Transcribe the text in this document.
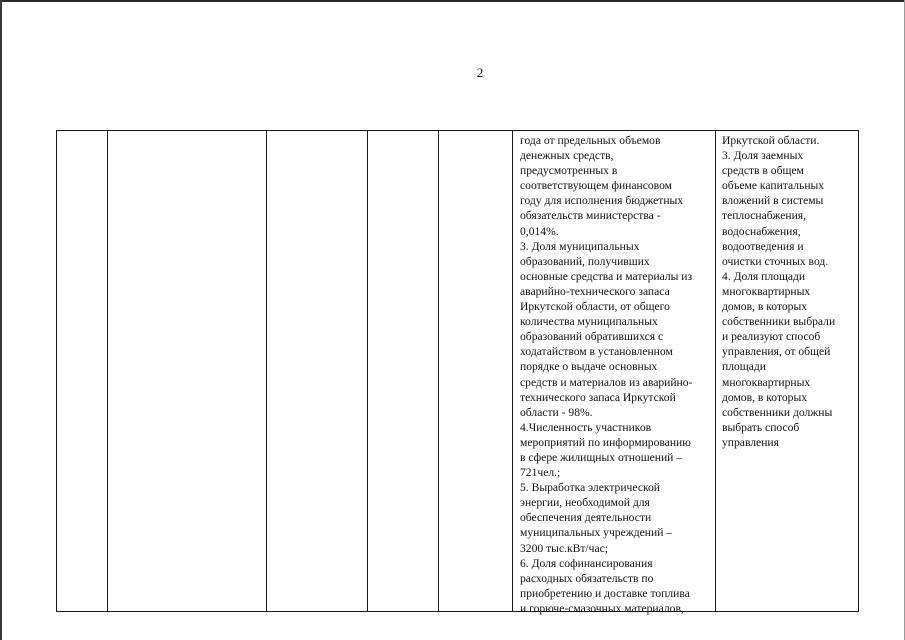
2
года от предельных объемов
денежных средств,
предусмотренных в
соответствующем финансовом
году для исполнения бюджетных
обязательств министерства -
0,014%.
3. Доля муниципальных
образований, получивших
основные средства и материалы из
аварийно-технического запаса
Иркутской области, от общего
количества муниципальных
образований обратившихся с
ходатайством в установленном
порядке о выдаче основных
средств и материалов из аварийно-
технического запаса Иркутской
области - 98%.
4.Численность участников
мероприятий по информированию
в сфере жилищных отношений –
721чел.;
5. Выработка электрической
энергии, необходимой для
обеспечения деятельности
муниципальных учреждений –
3200 тыс.кВт/час;
6. Доля софинансирования
расходных обязательств по
приобретению и доставке топлива
и горюче-смазочных материалов,
Иркутской области.
3. Доля заемных
средств в общем
объеме капитальных
вложений в системы
теплоснабжения,
водоснабжения,
водоотведения и
очистки сточных вод.
4. Доля площади
многоквартирных
домов, в которых
собственники выбрали
и реализуют способ
управления, от общей
площади
многоквартирных
домов, в которых
собственники должны
выбрать способ
управления
